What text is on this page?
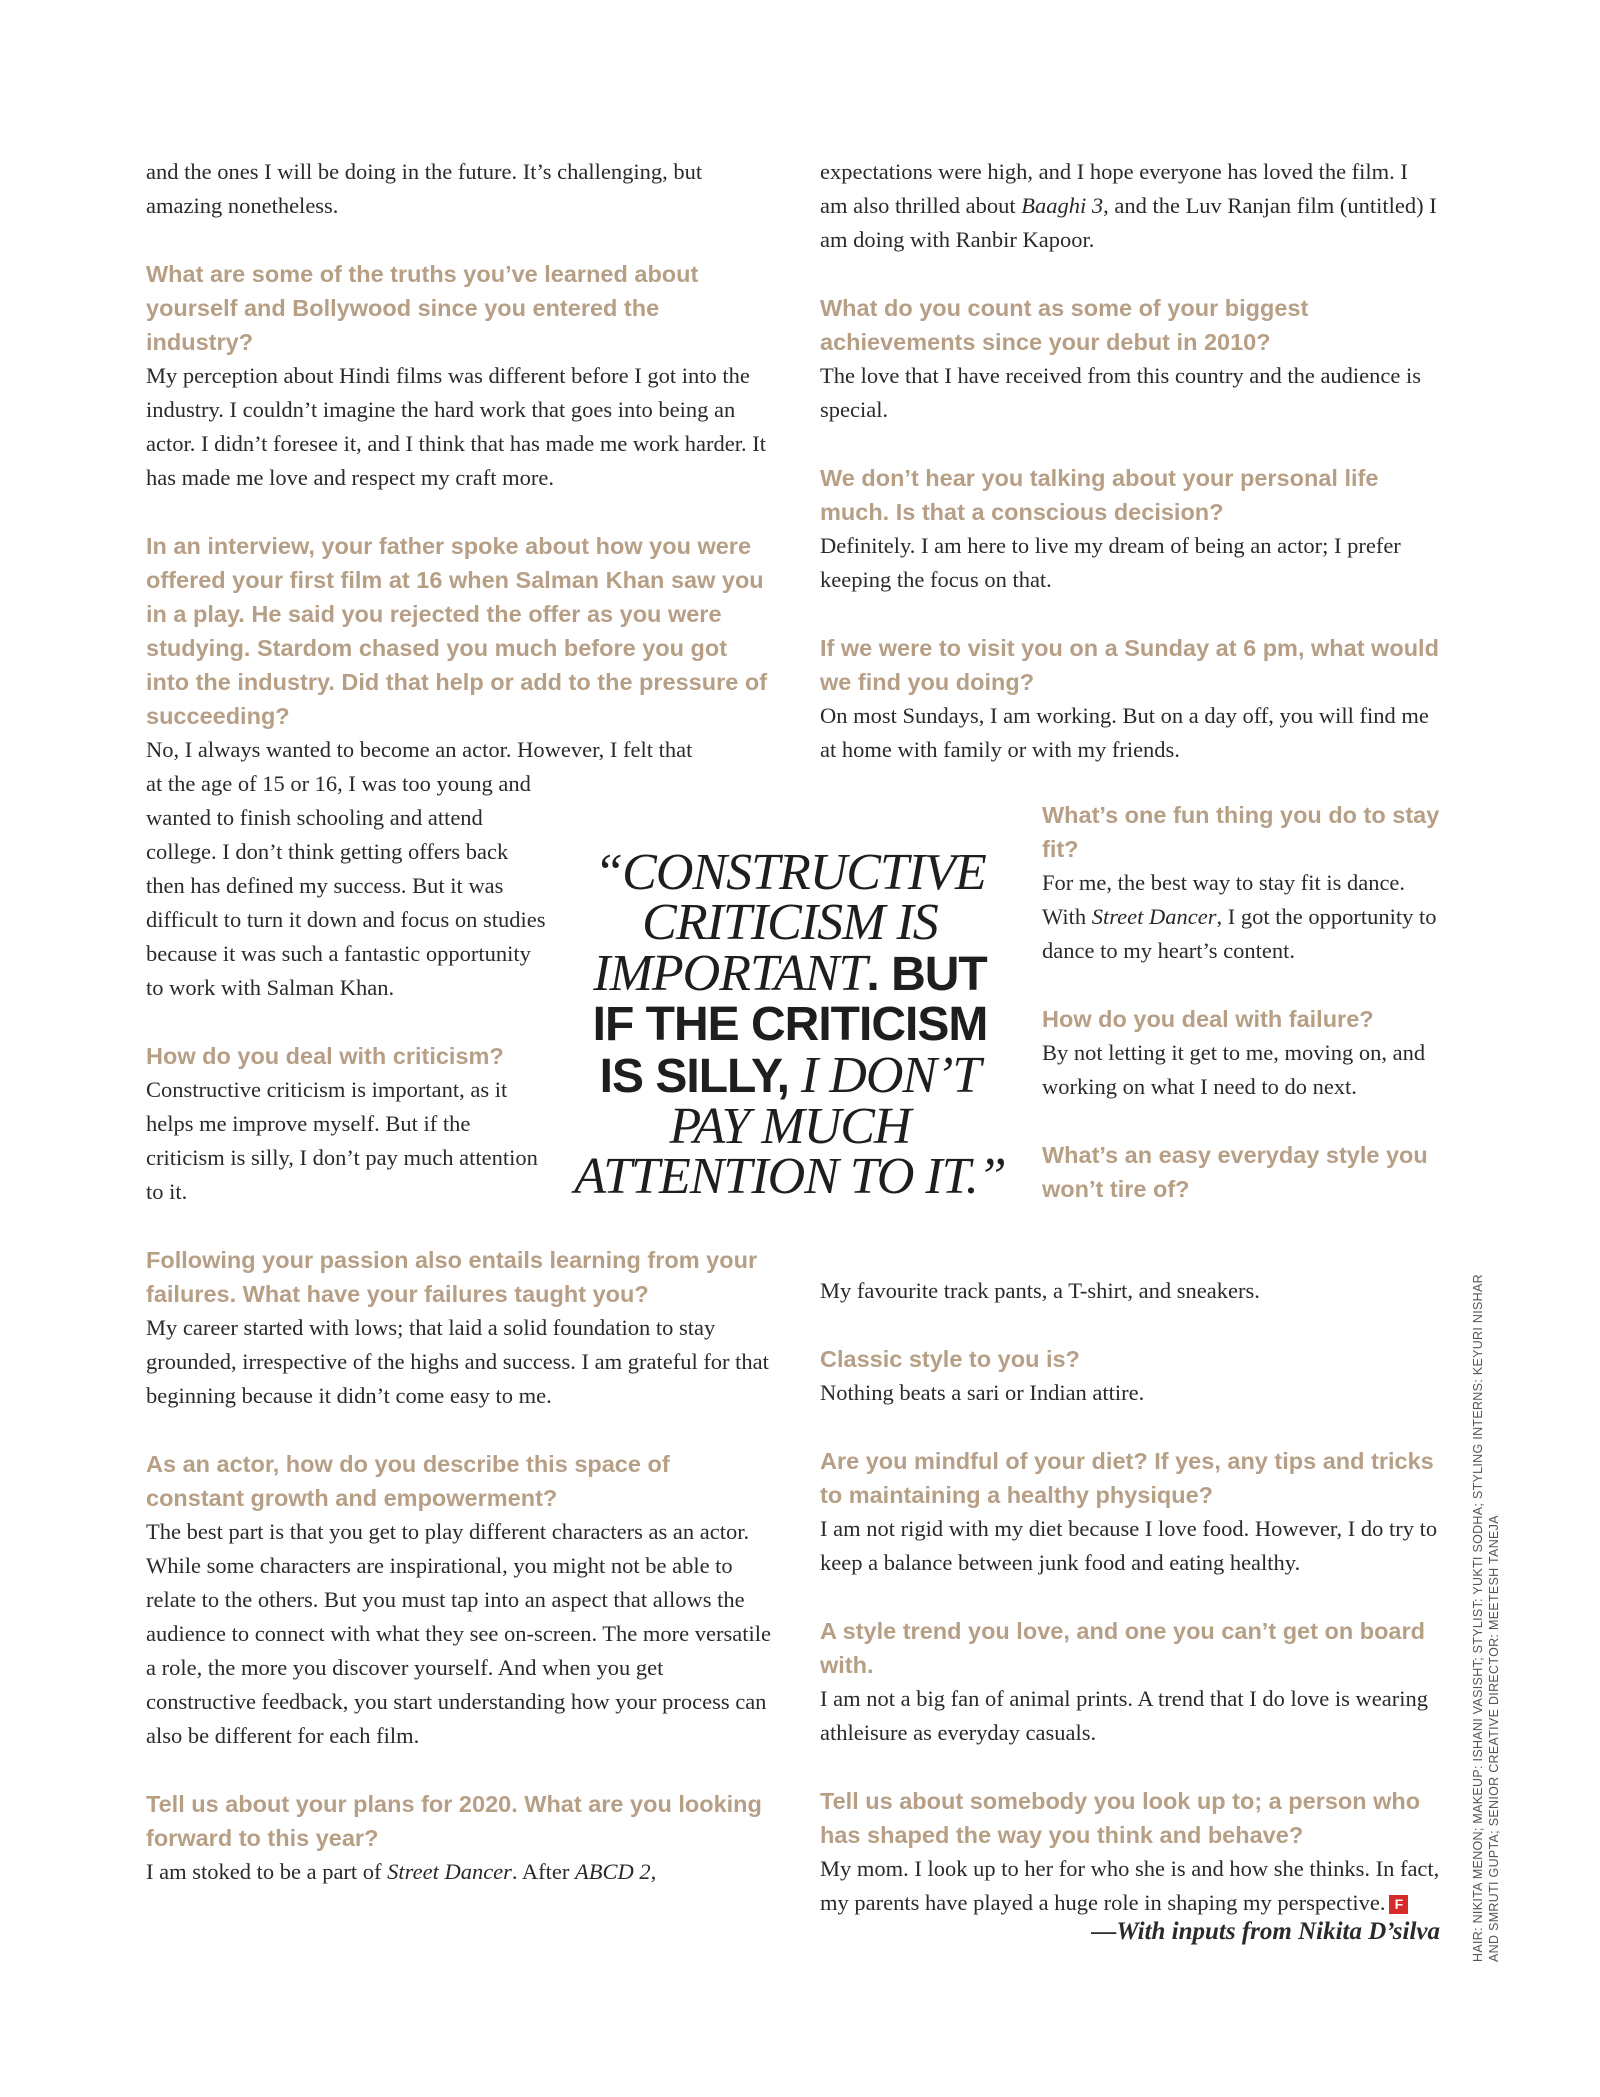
and the ones I will be doing in the future. It’s challenging, but amazing nonetheless.

What are some of the truths you’ve learned about yourself and Bollywood since you entered the industry?

My perception about Hindi films was different before I got into the industry. I couldn’t imagine the hard work that goes into being an actor. I didn’t foresee it, and I think that has made me work harder. It has made me love and respect my craft more.

In an interview, your father spoke about how you were offered your first film at 16 when Salman Khan saw you in a play. He said you rejected the offer as you were studying. Stardom chased you much before you got into the industry. Did that help or add to the pressure of succeeding?

No, I always wanted to become an actor. However, I felt that

at the age of 15 or 16, I was too young and wanted to finish schooling and attend college. I don’t think getting offers back then has defined my success. But it was difficult to turn it down and focus on studies because it was such a fantastic opportunity to work with Salman Khan.

How do you deal with criticism?

Constructive criticism is important, as it helps me improve myself. But if the criticism is silly, I don’t pay much attention to it.

Following your passion also entails learning from your failures. What have your failures taught you?

My career started with lows; that laid a solid foundation to stay grounded, irrespective of the highs and success. I am grateful for that beginning because it didn’t come easy to me.

As an actor, how do you describe this space of constant growth and empowerment?

The best part is that you get to play different characters as an actor. While some characters are inspirational, you might not be able to relate to the others. But you must tap into an aspect that allows the audience to connect with what they see on-screen. The more versatile a role, the more you discover yourself. And when you get constructive feedback, you start understanding how your process can also be different for each film.

Tell us about your plans for 2020. What are you looking forward to this year?

I am stoked to be a part of Street Dancer. After ABCD 2,

expectations were high, and I hope everyone has loved the film. I am also thrilled about Baaghi 3, and the Luv Ranjan film (untitled) I am doing with Ranbir Kapoor.

What do you count as some of your biggest achievements since your debut in 2010?

The love that I have received from this country and the audience is special.

We don’t hear you talking about your personal life much. Is that a conscious decision?

Definitely. I am here to live my dream of being an actor; I prefer keeping the focus on that.

If we were to visit you on a Sunday at 6 pm, what would we find you doing?

On most Sundays, I am working. But on a day off, you will find me at home with family or with my friends.

What’s one fun thing you do to stay fit?

For me, the best way to stay fit is dance. With Street Dancer, I got the opportunity to dance to my heart’s content.

How do you deal with failure?

By not letting it get to me, moving on, and working on what I need to do next.

What’s an easy everyday style you won’t tire of?

My favourite track pants, a T-shirt, and sneakers.

Classic style to you is?

Nothing beats a sari or Indian attire.

Are you mindful of your diet? If yes, any tips and tricks to maintaining a healthy physique?

I am not rigid with my diet because I love food. However, I do try to keep a balance between junk food and eating healthy.

A style trend you love, and one you can’t get on board with.

I am not a big fan of animal prints. A trend that I do love is wearing athleisure as everyday casuals.

Tell us about somebody you look up to; a person who has shaped the way you think and behave?

My mom. I look up to her for who she is and how she thinks. In fact, my parents have played a huge role in shaping my perspective. F

“CONSTRUCTIVE
CRITICISM IS
IMPORTANT. BUT
IF THE CRITICISM
IS SILLY, I DON’T
PAY MUCH
ATTENTION TO IT.”
—With inputs from Nikita D’silva HAIR: NIKITA MENON; MAKEUP: ISHANI VASISHT; STYLIST: YUKTI SODHA; STYLING INTERNS: KEYURI NISHAR AND SMRUTI GUPTA; SENIOR CREATIVE DIRECTOR: MEETESH TANEJA
